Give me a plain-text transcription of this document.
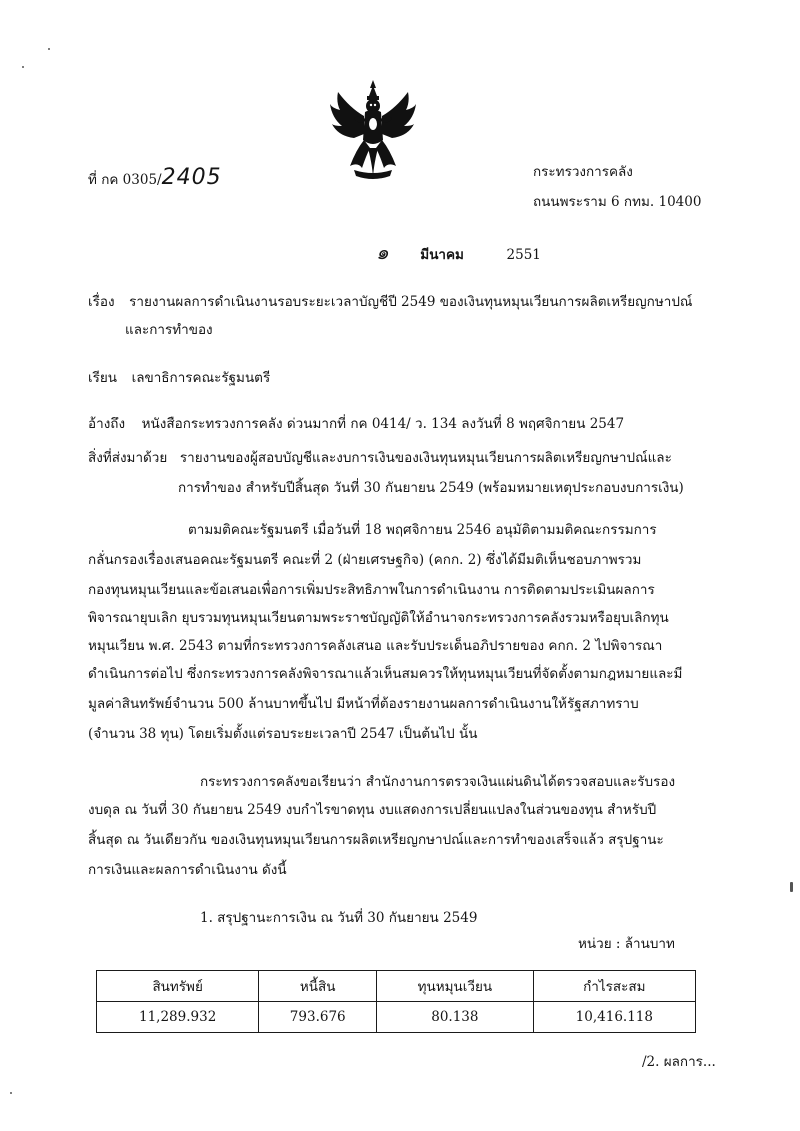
ที่ กค 0305/2405	กระทรวงการคลัง
ถนนพระราม 6 กทม. 10400
๑ มีนาคม	2551
เรื่อง รายงานผลการดำเนินงานรอบระยะเวลาบัญชีปี 2549 ของเงินทุนหมุนเวียนการผลิตเหรียญกษาปณ์
และการทำของ
เรียน เลขาธิการคณะรัฐมนตรี
อ้างถึง หนังสือกระทรวงการคลัง ด่วนมากที่ กค 0414/ ว. 134 ลงวันที่ 8 พฤศจิกายน 2547
สิ่งที่ส่งมาด้วย รายงานของผู้สอบบัญชีและงบการเงินของเงินทุนหมุนเวียนการผลิตเหรียญกษาปณ์และ
การทำของ สำหรับปีสิ้นสุด วันที่ 30 กันยายน 2549 (พร้อมหมายเหตุประกอบงบการเงิน)
ตามมติคณะรัฐมนตรี เมื่อวันที่ 18 พฤศจิกายน 2546 อนุมัติตามมติคณะกรรมการ
กลั่นกรองเรื่องเสนอคณะรัฐมนตรี คณะที่ 2 (ฝ่ายเศรษฐกิจ) (คกก. 2) ซึ่งได้มีมติเห็นชอบภาพรวม
กองทุนหมุนเวียนและข้อเสนอเพื่อการเพิ่มประสิทธิภาพในการดำเนินงาน การติดตามประเมินผลการ
พิจารณายุบเลิก ยุบรวมทุนหมุนเวียนตามพระราชบัญญัติให้อำนาจกระทรวงการคลังรวมหรือยุบเลิกทุน
หมุนเวียน พ.ศ. 2543 ตามที่กระทรวงการคลังเสนอ และรับประเด็นอภิปรายของ คกก. 2 ไปพิจารณา
ดำเนินการต่อไป ซึ่งกระทรวงการคลังพิจารณาแล้วเห็นสมควรให้ทุนหมุนเวียนที่จัดตั้งตามกฎหมายและมี
มูลค่าสินทรัพย์จำนวน 500 ล้านบาทขึ้นไป มีหน้าที่ต้องรายงานผลการดำเนินงานให้รัฐสภาทราบ
(จำนวน 38 ทุน) โดยเริ่มตั้งแต่รอบระยะเวลาปี 2547 เป็นต้นไป นั้น
กระทรวงการคลังขอเรียนว่า สำนักงานการตรวจเงินแผ่นดินได้ตรวจสอบและรับรอง
งบดุล ณ วันที่ 30 กันยายน 2549 งบกำไรขาดทุน งบแสดงการเปลี่ยนแปลงในส่วนของทุน สำหรับปี
สิ้นสุด ณ วันเดียวกัน ของเงินทุนหมุนเวียนการผลิตเหรียญกษาปณ์และการทำของเสร็จแล้ว สรุปฐานะ
การเงินและผลการดำเนินงาน ดังนี้
1. สรุปฐานะการเงิน ณ วันที่ 30 กันยายน 2549
หน่วย : ล้านบาท
สินทรัพย์	หนี้สิน	ทุนหมุนเวียน	กำไรสะสม
11,289.932	793.676	80.138	10,416.118
/2. ผลการ...
